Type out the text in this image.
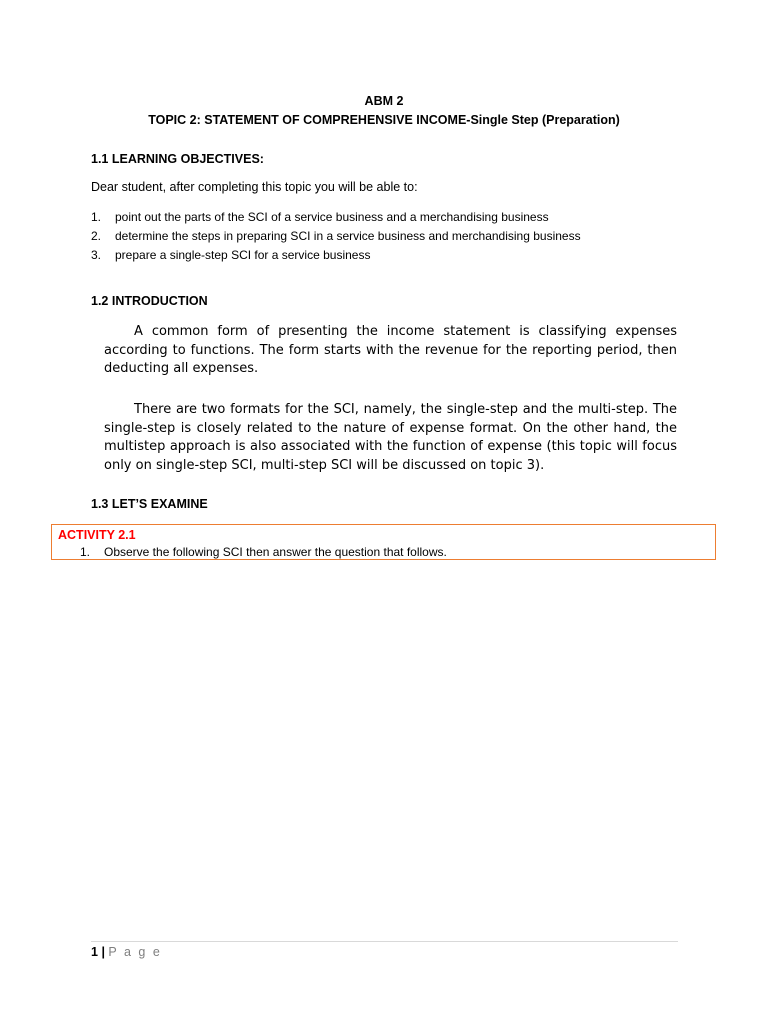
ABM 2
TOPIC 2: STATEMENT OF COMPREHENSIVE INCOME-Single Step (Preparation)
1.1 LEARNING OBJECTIVES:
Dear student, after completing this topic you will be able to:
1.	point out the parts of the SCI of a service business and a merchandising business
2.	determine the steps in preparing SCI in a service business and merchandising business
3.	prepare a single-step SCI for a service business
1.2 INTRODUCTION

A common form of presenting the income statement is classifying expenses according to functions. The form starts with the revenue for the reporting period, then deducting all expenses.

There are two formats for the SCI, namely, the single-step and the multi-step. The single-step is closely related to the nature of expense format. On the other hand, the multistep approach is also associated with the function of expense (this topic will focus only on single-step SCI, multi-step SCI will be discussed on topic 3).

1.3 LET’S EXAMINE
ACTIVITY 2.1
1.	Observe the following SCI then answer the question that follows.
1 | P a g e
